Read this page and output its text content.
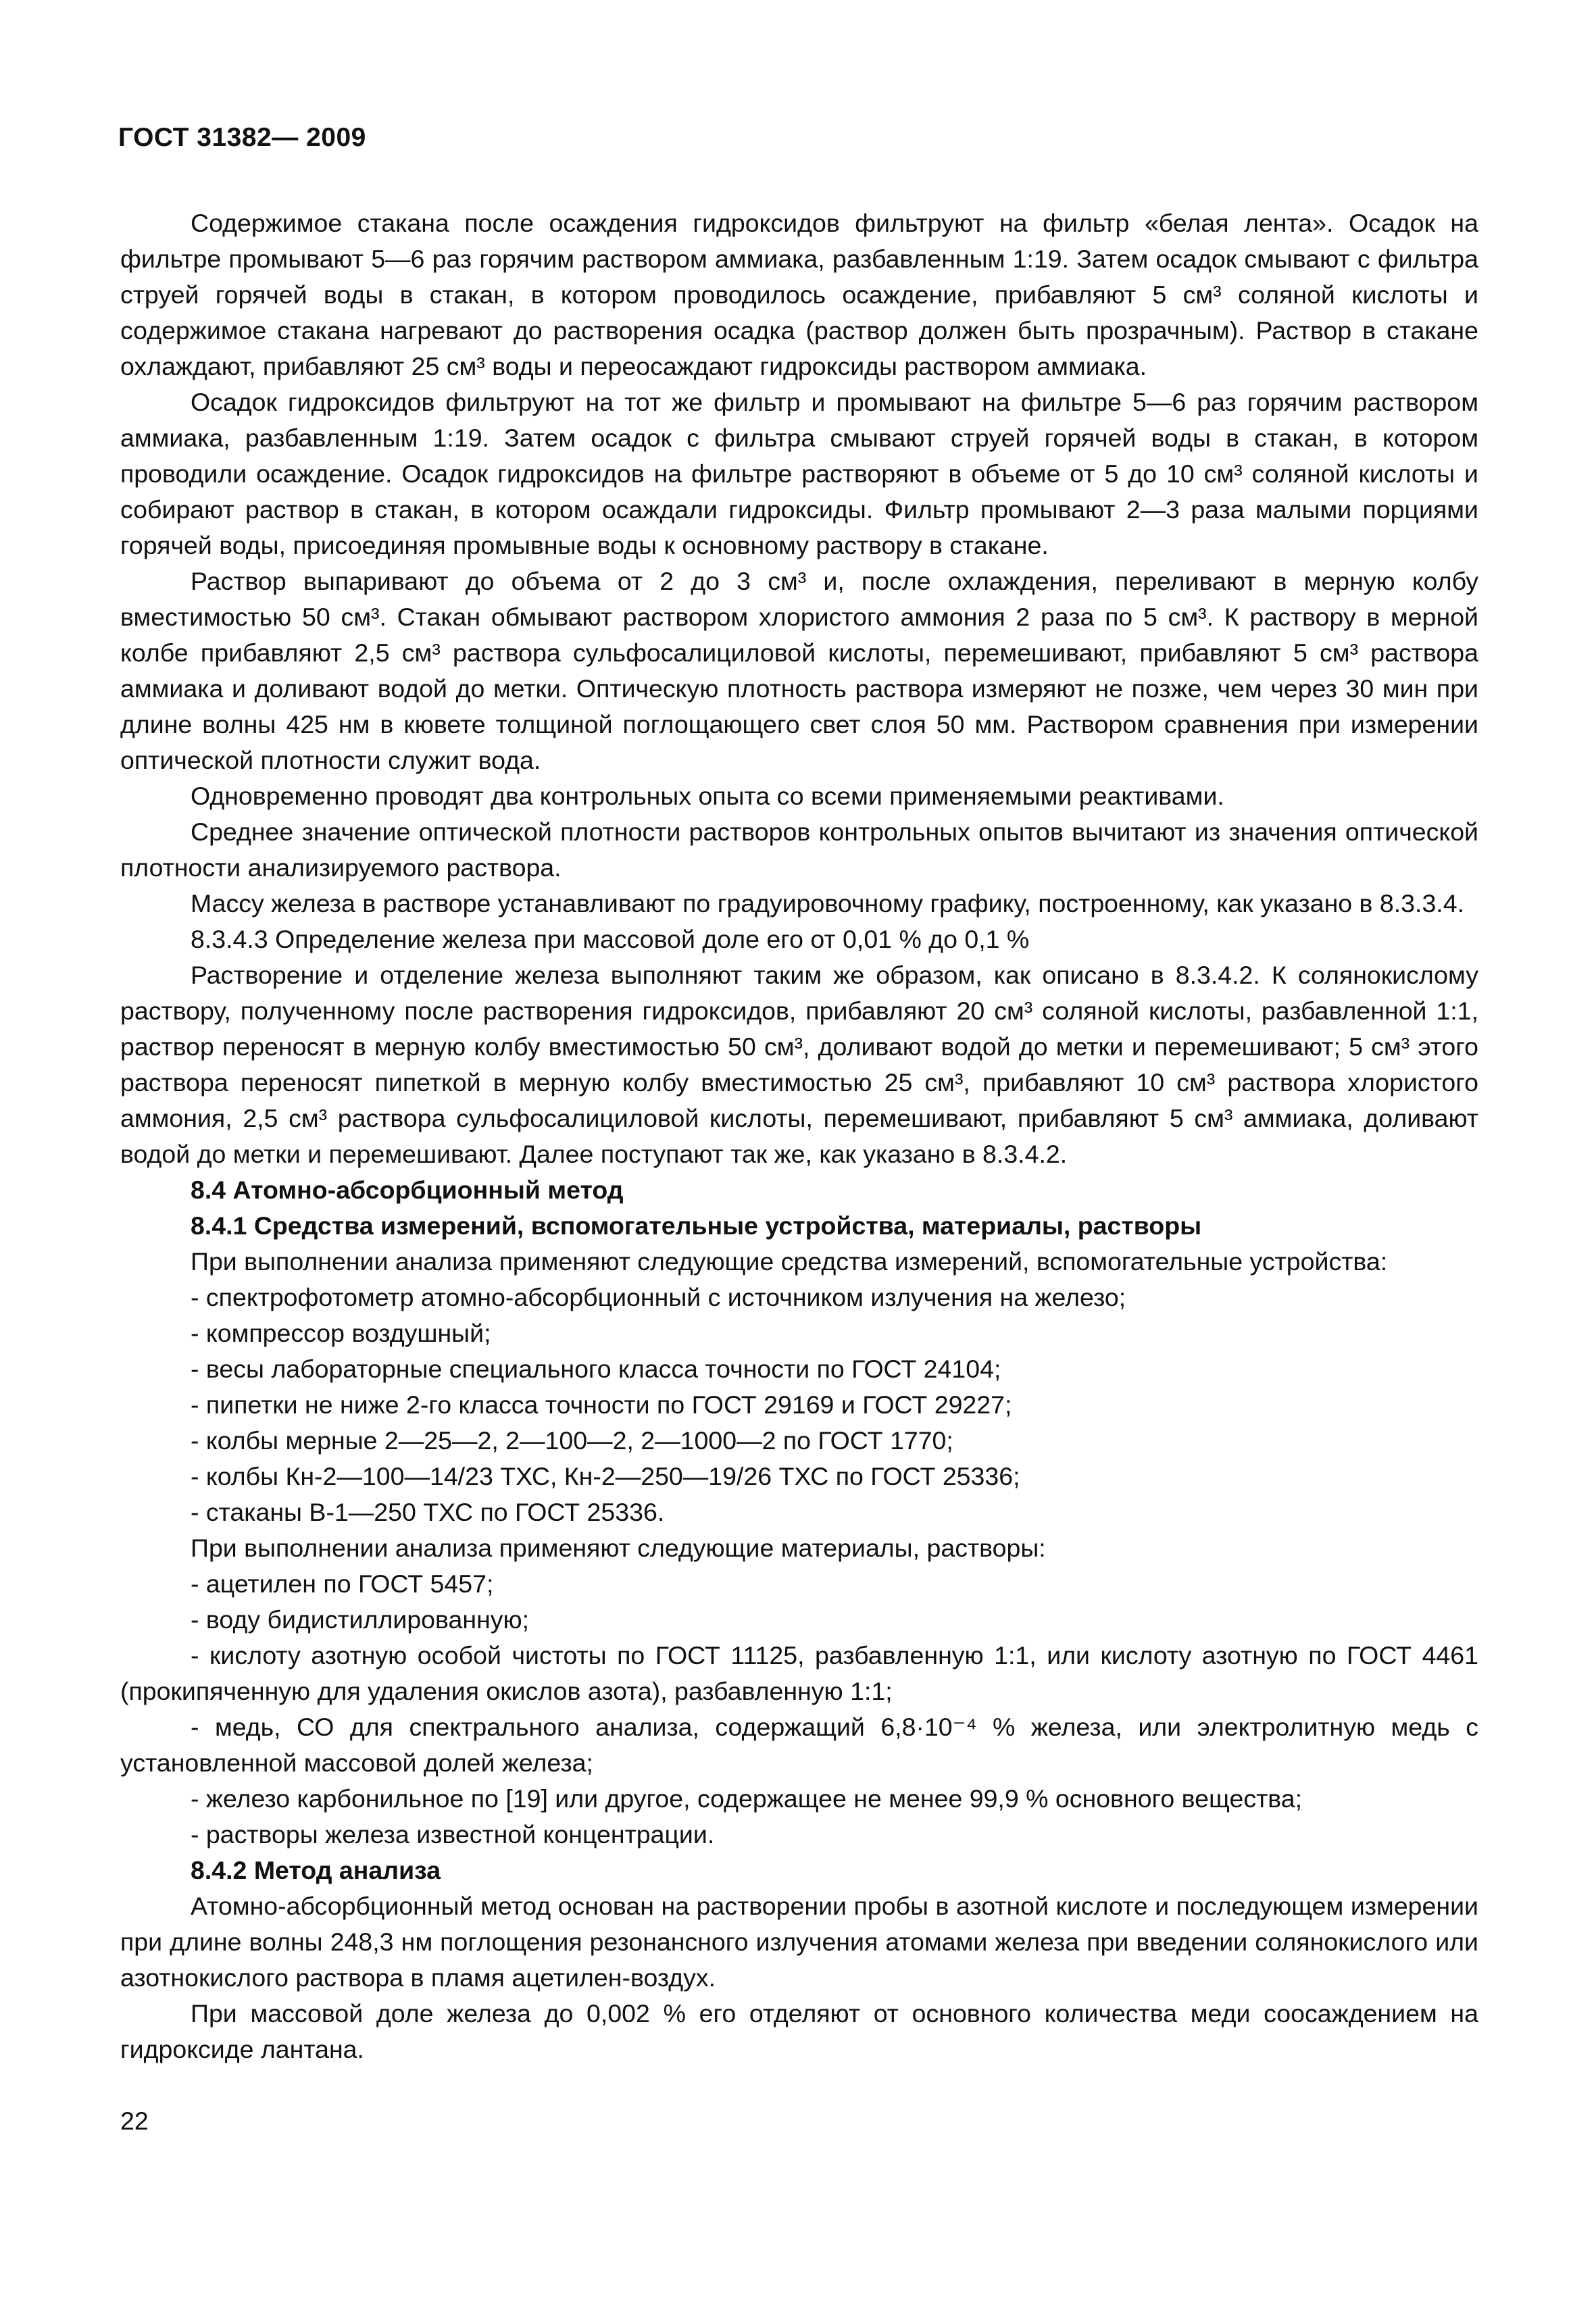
ГОСТ 31382— 2009

Содержимое стакана после осаждения гидроксидов фильтруют на фильтр «белая лента». Осадок на фильтре промывают 5—6 раз горячим раствором аммиака, разбавленным 1:19. Затем осадок смывают с фильтра струей горячей воды в стакан, в котором проводилось осаждение, прибавляют 5 см³ соляной кислоты и содержимое стакана нагревают до растворения осадка (раствор должен быть прозрачным). Раствор в стакане охлаждают, прибавляют 25 см³ воды и переосаждают гидроксиды раствором аммиака.

Осадок гидроксидов фильтруют на тот же фильтр и промывают на фильтре 5—6 раз горячим раствором аммиака, разбавленным 1:19. Затем осадок с фильтра смывают струей горячей воды в стакан, в котором проводили осаждение. Осадок гидроксидов на фильтре растворяют в объеме от 5 до 10 см³ соляной кислоты и собирают раствор в стакан, в котором осаждали гидроксиды. Фильтр промывают 2—3 раза малыми порциями горячей воды, присоединяя промывные воды к основному раствору в стакане.

Раствор выпаривают до объема от 2 до 3 см³ и, после охлаждения, переливают в мерную колбу вместимостью 50 см³. Стакан обмывают раствором хлористого аммония 2 раза по 5 см³. К раствору в мерной колбе прибавляют 2,5 см³ раствора сульфосалициловой кислоты, перемешивают, прибавляют 5 см³ раствора аммиака и доливают водой до метки. Оптическую плотность раствора измеряют не позже, чем через 30 мин при длине волны 425 нм в кювете толщиной поглощающего свет слоя 50 мм. Раствором сравнения при измерении оптической плотности служит вода.

Одновременно проводят два контрольных опыта со всеми применяемыми реактивами.

Среднее значение оптической плотности растворов контрольных опытов вычитают из значения оптической плотности анализируемого раствора.

Массу железа в растворе устанавливают по градуировочному графику, построенному, как указано в 8.3.3.4.

8.3.4.3 Определение железа при массовой доле его от 0,01 % до 0,1 %

Растворение и отделение железа выполняют таким же образом, как описано в 8.3.4.2. К солянокислому раствору, полученному после растворения гидроксидов, прибавляют 20 см³ соляной кислоты, разбавленной 1:1, раствор переносят в мерную колбу вместимостью 50 см³, доливают водой до метки и перемешивают; 5 см³ этого раствора переносят пипеткой в мерную колбу вместимостью 25 см³, прибавляют 10 см³ раствора хлористого аммония, 2,5 см³ раствора сульфосалициловой кислоты, перемешивают, прибавляют 5 см³ аммиака, доливают водой до метки и перемешивают. Далее поступают так же, как указано в 8.3.4.2.

8.4 Атомно-абсорбционный метод

8.4.1 Средства измерений, вспомогательные устройства, материалы, растворы

При выполнении анализа применяют следующие средства измерений, вспомогательные устройства:

- спектрофотометр атомно-абсорбционный с источником излучения на железо;

- компрессор воздушный;

- весы лабораторные специального класса точности по ГОСТ 24104;

- пипетки не ниже 2-го класса точности по ГОСТ 29169 и ГОСТ 29227;

- колбы мерные 2—25—2, 2—100—2, 2—1000—2 по ГОСТ 1770;

- колбы Кн-2—100—14/23 ТХС, Кн-2—250—19/26 ТХС по ГОСТ 25336;

- стаканы В-1—250 ТХС по ГОСТ 25336.

При выполнении анализа применяют следующие материалы, растворы:

- ацетилен по ГОСТ 5457;

- воду бидистиллированную;

- кислоту азотную особой чистоты по ГОСТ 11125, разбавленную 1:1, или кислоту азотную по ГОСТ 4461 (прокипяченную для удаления окислов азота), разбавленную 1:1;

- медь, СО для спектрального анализа, содержащий 6,8·10⁻⁴ % железа, или электролитную медь с установленной массовой долей железа;

- железо карбонильное по [19] или другое, содержащее не менее 99,9 % основного вещества;

- растворы железа известной концентрации.

8.4.2 Метод анализа

Атомно-абсорбционный метод основан на растворении пробы в азотной кислоте и последующем измерении при длине волны 248,3 нм поглощения резонансного излучения атомами железа при введении солянокислого или азотнокислого раствора в пламя ацетилен-воздух.

При массовой доле железа до 0,002 % его отделяют от основного количества меди соосаждением на гидроксиде лантана.

22
